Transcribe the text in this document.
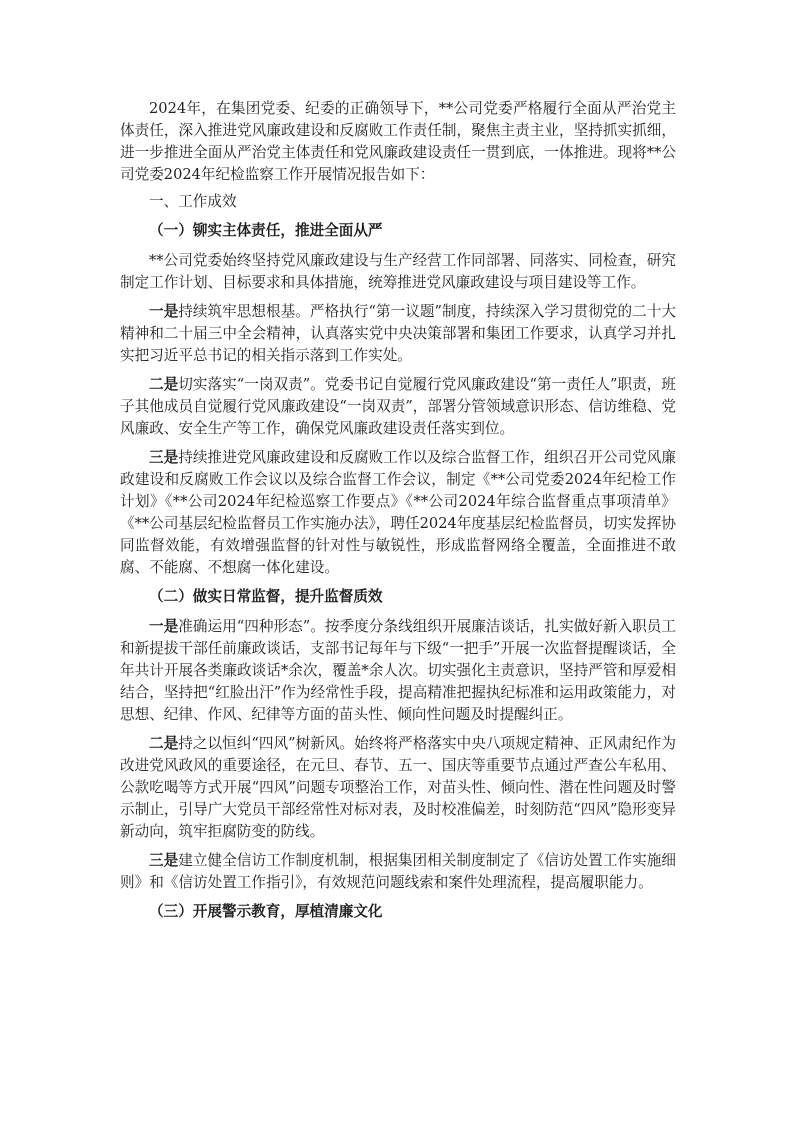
2024年，在集团党委、纪委的正确领导下，**公司党委严格履行全面从严治党主体责任，深入推进党风廉政建设和反腐败工作责任制，聚焦主责主业，坚持抓实抓细，进一步推进全面从严治党主体责任和党风廉政建设责任一贯到底，一体推进。现将**公司党委2024年纪检监察工作开展情况报告如下：

一、工作成效

（一）铆实主体责任，推进全面从严

**公司党委始终坚持党风廉政建设与生产经营工作同部署、同落实、同检查，研究制定工作计划、目标要求和具体措施，统筹推进党风廉政建设与项目建设等工作。

一是持续筑牢思想根基。严格执行“第一议题”制度，持续深入学习贯彻党的二十大精神和二十届三中全会精神，认真落实党中央决策部署和集团工作要求，认真学习并扎实把习近平总书记的相关指示落到工作实处。

二是切实落实“一岗双责”。党委书记自觉履行党风廉政建设“第一责任人”职责，班子其他成员自觉履行党风廉政建设“一岗双责”，部署分管领域意识形态、信访维稳、党风廉政、安全生产等工作，确保党风廉政建设责任落实到位。

三是持续推进党风廉政建设和反腐败工作以及综合监督工作，组织召开公司党风廉政建设和反腐败工作会议以及综合监督工作会议，制定《**公司党委2024年纪检工作计划》《**公司2024年纪检巡察工作要点》《**公司2024年综合监督重点事项清单》《**公司基层纪检监督员工作实施办法》，聘任2024年度基层纪检监督员，切实发挥协同监督效能，有效增强监督的针对性与敏锐性，形成监督网络全覆盖，全面推进不敢腐、不能腐、不想腐一体化建设。

（二）做实日常监督，提升监督质效

一是准确运用“四种形态”。按季度分条线组织开展廉洁谈话，扎实做好新入职员工和新提拔干部任前廉政谈话，支部书记每年与下级“一把手”开展一次监督提醒谈话，全年共计开展各类廉政谈话*余次，覆盖*余人次。切实强化主责意识，坚持严管和厚爱相结合，坚持把“红脸出汗”作为经常性手段，提高精准把握执纪标准和运用政策能力，对思想、纪律、作风、纪律等方面的苗头性、倾向性问题及时提醒纠正。

二是持之以恒纠“四风”树新风。始终将严格落实中央八项规定精神、正风肃纪作为改进党风政风的重要途径，在元旦、春节、五一、国庆等重要节点通过严查公车私用、公款吃喝等方式开展“四风”问题专项整治工作，对苗头性、倾向性、潜在性问题及时警示制止，引导广大党员干部经常性对标对表，及时校准偏差，时刻防范“四风”隐形变异新动向，筑牢拒腐防变的防线。

三是建立健全信访工作制度机制，根据集团相关制度制定了《信访处置工作实施细则》和《信访处置工作指引》，有效规范问题线索和案件处理流程，提高履职能力。

（三）开展警示教育，厚植清廉文化
